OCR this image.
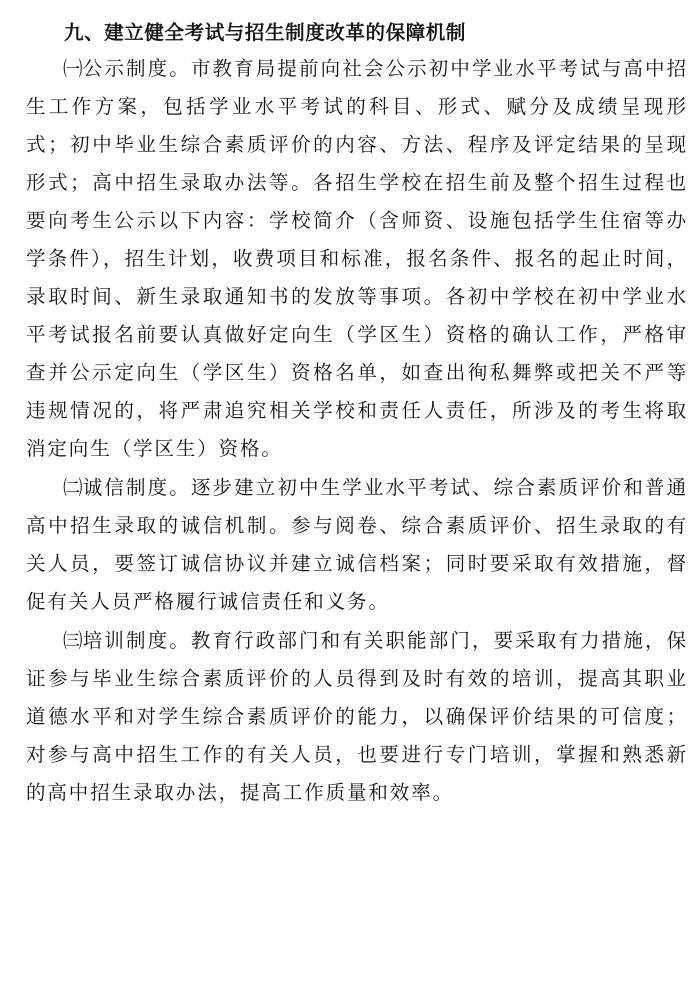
九、建立健全考试与招生制度改革的保障机制

㈠公示制度。市教育局提前向社会公示初中学业水平考试与高中招生工作方案，包括学业水平考试的科目、形式、赋分及成绩呈现形式；初中毕业生综合素质评价的内容、方法、程序及评定结果的呈现形式；高中招生录取办法等。各招生学校在招生前及整个招生过程也要向考生公示以下内容：学校简介（含师资、设施包括学生住宿等办学条件），招生计划，收费项目和标准，报名条件、报名的起止时间，录取时间、新生录取通知书的发放等事项。各初中学校在初中学业水平考试报名前要认真做好定向生（学区生）资格的确认工作，严格审查并公示定向生（学区生）资格名单，如查出徇私舞弊或把关不严等违规情况的，将严肃追究相关学校和责任人责任，所涉及的考生将取消定向生（学区生）资格。

㈡诚信制度。逐步建立初中生学业水平考试、综合素质评价和普通高中招生录取的诚信机制。参与阅卷、综合素质评价、招生录取的有关人员，要签订诚信协议并建立诚信档案；同时要采取有效措施，督促有关人员严格履行诚信责任和义务。

㈢培训制度。教育行政部门和有关职能部门，要采取有力措施，保证参与毕业生综合素质评价的人员得到及时有效的培训，提高其职业道德水平和对学生综合素质评价的能力，以确保评价结果的可信度；对参与高中招生工作的有关人员，也要进行专门培训，掌握和熟悉新的高中招生录取办法，提高工作质量和效率。
